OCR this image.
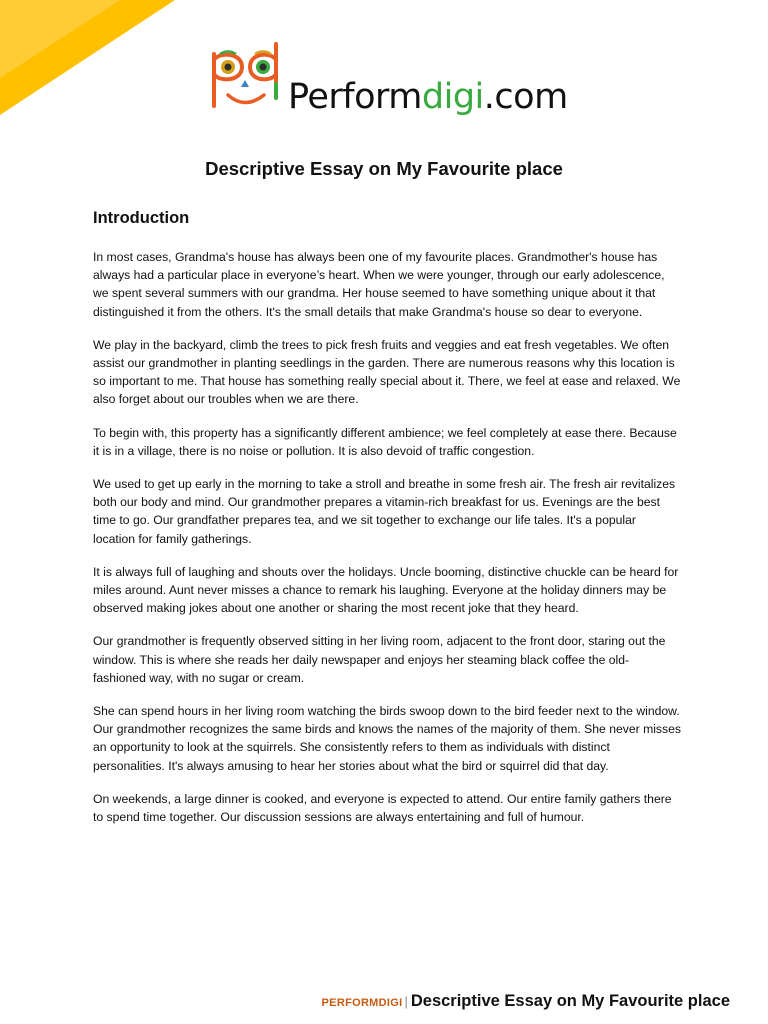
Performdigi.com
Descriptive Essay on My Favourite place
Introduction

In most cases, Grandma's house has always been one of my favourite places. Grandmother's house has always had a particular place in everyone’s heart. When we were younger, through our early adolescence, we spent several summers with our grandma. Her house seemed to have something unique about it that distinguished it from the others. It's the small details that make Grandma's house so dear to everyone.

We play in the backyard, climb the trees to pick fresh fruits and veggies and eat fresh vegetables. We often assist our grandmother in planting seedlings in the garden. There are numerous reasons why this location is so important to me. That house has something really special about it. There, we feel at ease and relaxed. We also forget about our troubles when we are there.

To begin with, this property has a significantly different ambience; we feel completely at ease there. Because it is in a village, there is no noise or pollution. It is also devoid of traffic congestion.

We used to get up early in the morning to take a stroll and breathe in some fresh air. The fresh air revitalizes both our body and mind. Our grandmother prepares a vitamin-rich breakfast for us. Evenings are the best time to go. Our grandfather prepares tea, and we sit together to exchange our life tales. It's a popular location for family gatherings.

It is always full of laughing and shouts over the holidays. Uncle booming, distinctive chuckle can be heard for miles around. Aunt never misses a chance to remark his laughing. Everyone at the holiday dinners may be observed making jokes about one another or sharing the most recent joke that they heard.

Our grandmother is frequently observed sitting in her living room, adjacent to the front door, staring out the window. This is where she reads her daily newspaper and enjoys her steaming black coffee the old-fashioned way, with no sugar or cream.

She can spend hours in her living room watching the birds swoop down to the bird feeder next to the window. Our grandmother recognizes the same birds and knows the names of the majority of them. She never misses an opportunity to look at the squirrels. She consistently refers to them as individuals with distinct personalities. It's always amusing to hear her stories about what the bird or squirrel did that day.

On weekends, a large dinner is cooked, and everyone is expected to attend. Our entire family gathers there to spend time together. Our discussion sessions are always entertaining and full of humour.

PERFORMDIGI | Descriptive Essay on My Favourite place
